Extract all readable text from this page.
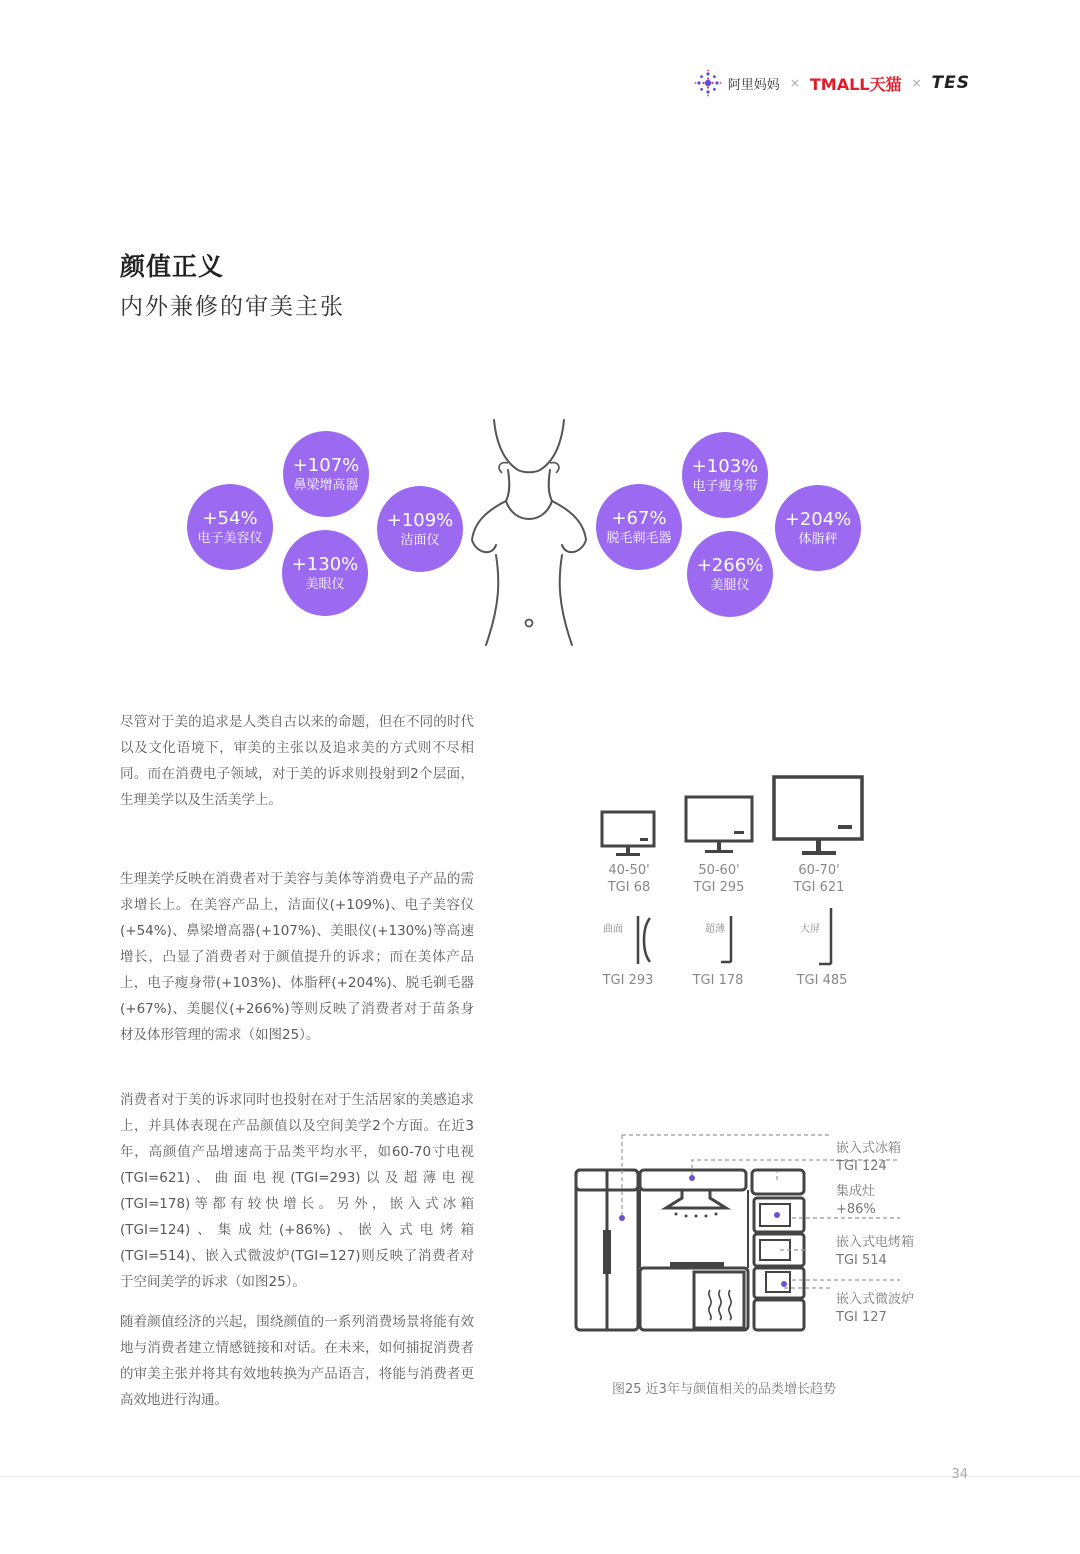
阿里妈妈 × TMALL天猫 × TES
颜值正义
内外兼修的审美主张
+54%
电子美容仪
+107%
鼻梁增高器
+130%
美眼仪
+109%
洁面仪
+67%
脱毛剃毛器
+103%
电子瘦身带
+266%
美腿仪
+204%
体脂秤

尽管对于美的追求是人类自古以来的命题，但在不同的时代以及文化语境下，审美的主张以及追求美的方式则不尽相同。而在消费电子领域，对于美的诉求则投射到2个层面，生理美学以及生活美学上。

生理美学反映在消费者对于美容与美体等消费电子产品的需求增长上。在美容产品上，洁面仪(+109%)、电子美容仪(+54%)、鼻梁增高器(+107%)、美眼仪(+130%)等高速增长，凸显了消费者对于颜值提升的诉求；而在美体产品上，电子瘦身带(+103%)、体脂秤(+204%)、脱毛剃毛器(+67%)、美腿仪(+266%)等则反映了消费者对于苗条身材及体形管理的需求（如图25）。

消费者对于美的诉求同时也投射在对于生活居家的美感追求上，并具体表现在产品颜值以及空间美学2个方面。在近3年，高颜值产品增速高于品类平均水平，如60-70寸电视(TGI=621)、曲面电视(TGI=293)以及超薄电视(TGI=178)等都有较快增长。另外，嵌入式冰箱(TGI=124)、集成灶(+86%)、嵌入式电烤箱(TGI=514)、嵌入式微波炉(TGI=127)则反映了消费者对于空间美学的诉求（如图25）。

随着颜值经济的兴起，围绕颜值的一系列消费场景将能有效地与消费者建立情感链接和对话。在未来，如何捕捉消费者的审美主张并将其有效地转换为产品语言，将能与消费者更高效地进行沟通。

40-50'
TGI 68
50-60'
TGI 295
60-70'
TGI 621
曲面	超薄	大屏
TGI 293	TGI 178	TGI 485
嵌入式冰箱
TGI 124
集成灶
+86%
嵌入式电烤箱
TGI 514
嵌入式微波炉
TGI 127
图25 近3年与颜值相关的品类增长趋势
34
